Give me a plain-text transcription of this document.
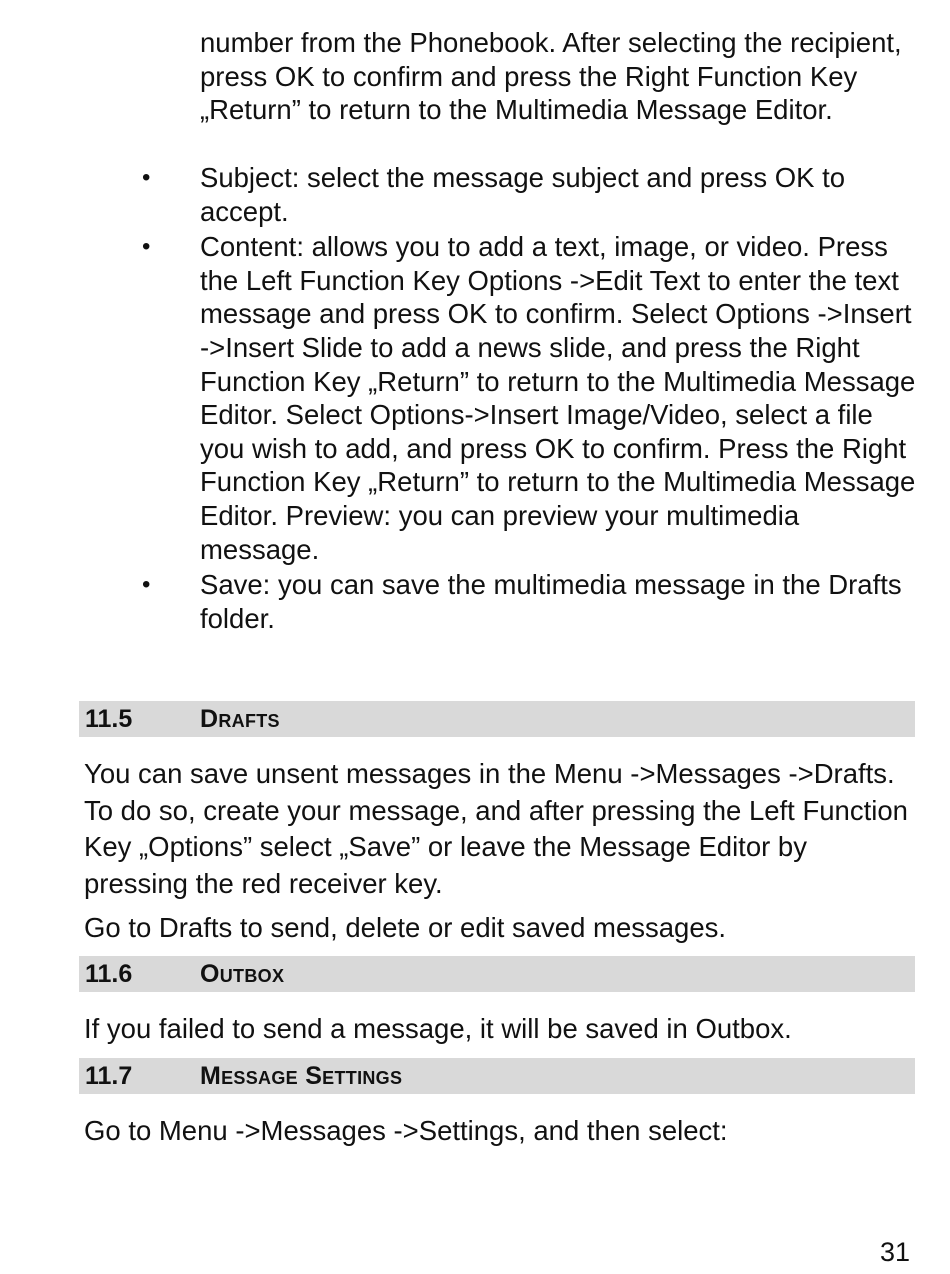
number from the Phonebook. After selecting the recipient, press OK to confirm and press the Right Function Key „Return” to return to the Multimedia Message Editor.
• Subject: select the message subject and press OK to accept.
• Content: allows you to add a text, image, or video. Press the Left Function Key Options ->Edit Text to enter the text message and press OK to confirm. Select Options ->Insert ->Insert Slide to add a news slide, and press the Right Function Key „Return” to return to the Multimedia Message Editor. Select Options->Insert Image/Video, select a file you wish to add, and press OK to confirm. Press the Right Function Key „Return” to return to the Multimedia Message Editor. Preview: you can preview your multimedia message.
• Save: you can save the multimedia message in the Drafts folder.
11.5	Drafts

You can save unsent messages in the Menu ->Messages ->Drafts. To do so, create your message, and after pressing the Left Function Key „Options” select „Save” or leave the Message Editor by pressing the red receiver key.

Go to Drafts to send, delete or edit saved messages.

11.6	Outbox

If you failed to send a message, it will be saved in Outbox.

11.7	Message Settings

Go to Menu ->Messages ->Settings, and then select:

31
